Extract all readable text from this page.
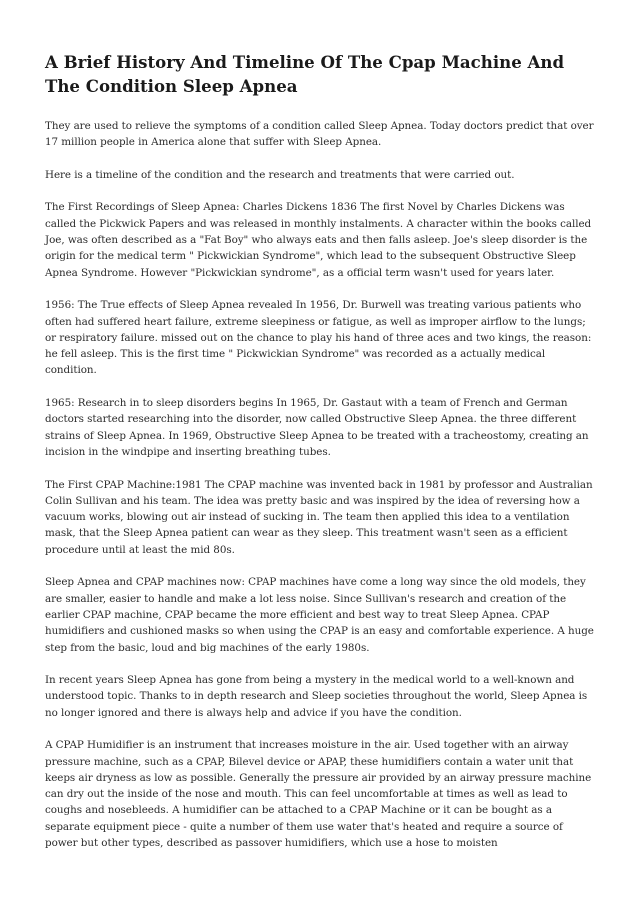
A Brief History And Timeline Of The Cpap Machine And The Condition Sleep Apnea

They are used to relieve the symptoms of a condition called Sleep Apnea. Today doctors predict that over 17 million people in America alone that suffer with Sleep Apnea.

Here is a timeline of the condition and the research and treatments that were carried out.

The First Recordings of Sleep Apnea: Charles Dickens 1836 The first Novel by Charles Dickens was called the Pickwick Papers and was released in monthly instalments. A character within the books called Joe, was often described as a "Fat Boy" who always eats and then falls asleep. Joe's sleep disorder is the origin for the medical term " Pickwickian Syndrome", which lead to the subsequent Obstructive Sleep Apnea Syndrome. However "Pickwickian syndrome", as a official term wasn't used for years later.

1956: The True effects of Sleep Apnea revealed In 1956, Dr. Burwell was treating various patients who often had suffered heart failure, extreme sleepiness or fatigue, as well as improper airflow to the lungs; or respiratory failure. missed out on the chance to play his hand of three aces and two kings, the reason: he fell asleep. This is the first time " Pickwickian Syndrome" was recorded as a actually medical condition.

1965: Research in to sleep disorders begins In 1965, Dr. Gastaut with a team of French and German doctors started researching into the disorder, now called Obstructive Sleep Apnea. the three different strains of Sleep Apnea. In 1969, Obstructive Sleep Apnea to be treated with a tracheostomy, creating an incision in the windpipe and inserting breathing tubes.

The First CPAP Machine:1981 The CPAP machine was invented back in 1981 by professor and Australian Colin Sullivan and his team. The idea was pretty basic and was inspired by the idea of reversing how a vacuum works, blowing out air instead of sucking in. The team then applied this idea to a ventilation mask, that the Sleep Apnea patient can wear as they sleep. This treatment wasn't seen as a efficient procedure until at least the mid 80s.

Sleep Apnea and CPAP machines now: CPAP machines have come a long way since the old models, they are smaller, easier to handle and make a lot less noise. Since Sullivan's research and creation of the earlier CPAP machine, CPAP became the more efficient and best way to treat Sleep Apnea. CPAP humidifiers and cushioned masks so when using the CPAP is an easy and comfortable experience. A huge step from the basic, loud and big machines of the early 1980s.

In recent years Sleep Apnea has gone from being a mystery in the medical world to a well-known and understood topic. Thanks to in depth research and Sleep societies throughout the world, Sleep Apnea is no longer ignored and there is always help and advice if you have the condition.

A CPAP Humidifier is an instrument that increases moisture in the air. Used together with an airway pressure machine, such as a CPAP, Bilevel device or APAP, these humidifiers contain a water unit that keeps air dryness as low as possible. Generally the pressure air provided by an airway pressure machine can dry out the inside of the nose and mouth. This can feel uncomfortable at times as well as lead to coughs and nosebleeds. A humidifier can be attached to a CPAP Machine or it can be bought as a separate equipment piece - quite a number of them use water that's heated and require a source of power but other types, described as passover humidifiers, which use a hose to moisten
